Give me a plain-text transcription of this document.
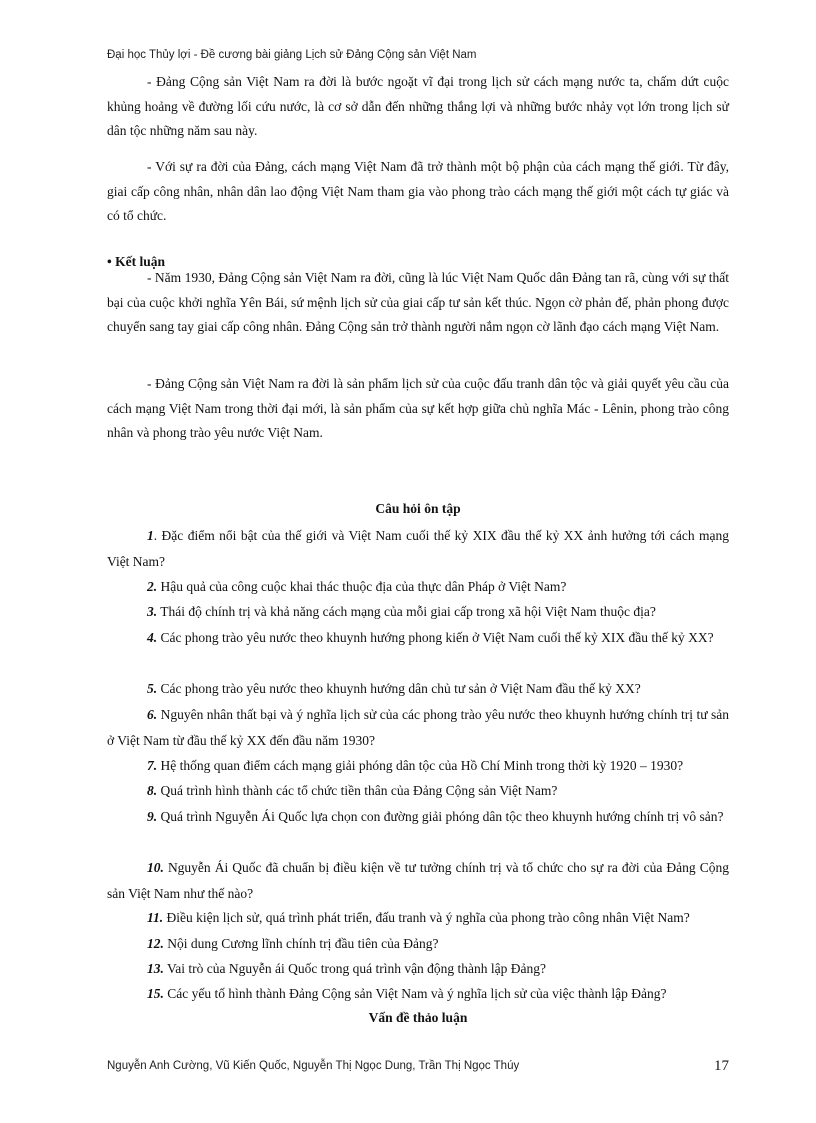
Đại học Thủy lợi - Đề cương bài giảng Lịch sử Đảng Cộng sản Việt Nam

- Đảng Cộng sản Việt Nam ra đời là bước ngoặt vĩ đại trong lịch sử cách mạng nước ta, chấm dứt cuộc khủng hoảng về đường lối cứu nước, là cơ sở dẫn đến những thắng lợi và những bước nhảy vọt lớn trong lịch sử dân tộc những năm sau này.

- Với sự ra đời của Đảng, cách mạng Việt Nam đã trở thành một bộ phận của cách mạng thế giới. Từ đây, giai cấp công nhân, nhân dân lao động Việt Nam tham gia vào phong trào cách mạng thế giới một cách tự giác và có tổ chức.

• Kết luận

- Năm 1930, Đảng Cộng sản Việt Nam ra đời, cũng là lúc Việt Nam Quốc dân Đảng tan rã, cùng với sự thất bại của cuộc khởi nghĩa Yên Bái, sứ mệnh lịch sử của giai cấp tư sản kết thúc. Ngọn cờ phản đế, phản phong được chuyển sang tay giai cấp công nhân. Đảng Cộng sản trở thành người nắm ngọn cờ lãnh đạo cách mạng Việt Nam.

- Đảng Cộng sản Việt Nam ra đời là sản phẩm lịch sử của cuộc đấu tranh dân tộc và giải quyết yêu cầu của cách mạng Việt Nam trong thời đại mới, là sản phẩm của sự kết hợp giữa chủ nghĩa Mác - Lênin, phong trào công nhân và phong trào yêu nước Việt Nam.

Câu hỏi ôn tập

1. Đặc điểm nổi bật của thế giới và Việt Nam cuối thế kỷ XIX đầu thế kỷ XX ảnh hưởng tới cách mạng Việt Nam?

2. Hậu quả của công cuộc khai thác thuộc địa của thực dân Pháp ở Việt Nam?

3. Thái độ chính trị và khả năng cách mạng của mỗi giai cấp trong xã hội Việt Nam thuộc địa?

4. Các phong trào yêu nước theo khuynh hướng phong kiến ở Việt Nam cuối thế kỷ XIX đầu thế kỷ XX?

5. Các phong trào yêu nước theo khuynh hướng dân chủ tư sản ở Việt Nam đầu thế kỷ XX?

6. Nguyên nhân thất bại và ý nghĩa lịch sử của các phong trào yêu nước theo khuynh hướng chính trị tư sản ở Việt Nam từ đầu thế kỷ XX đến đầu năm 1930?

7. Hệ thống quan điểm cách mạng giải phóng dân tộc của Hồ Chí Minh trong thời kỳ 1920 – 1930?

8. Quá trình hình thành các tổ chức tiền thân của Đảng Cộng sản Việt Nam?

9. Quá trình Nguyễn Ái Quốc lựa chọn con đường giải phóng dân tộc theo khuynh hướng chính trị vô sản?

10. Nguyễn Ái Quốc đã chuẩn bị điều kiện về tư tưởng chính trị và tổ chức cho sự ra đời của Đảng Cộng sản Việt Nam như thế nào?

11. Điều kiện lịch sử, quá trình phát triển, đấu tranh và ý nghĩa của phong trào công nhân Việt Nam?

12. Nội dung Cương lĩnh chính trị đầu tiên của Đảng?

13. Vai trò của Nguyễn ái Quốc trong quá trình vận động thành lập Đảng?

15. Các yếu tố hình thành Đảng Cộng sản Việt Nam và ý nghĩa lịch sử của việc thành lập Đảng?

Vấn đề thảo luận
Nguyễn Anh Cường, Vũ Kiến Quốc, Nguyễn Thị Ngọc Dung, Trần Thị Ngọc Thúy	17
